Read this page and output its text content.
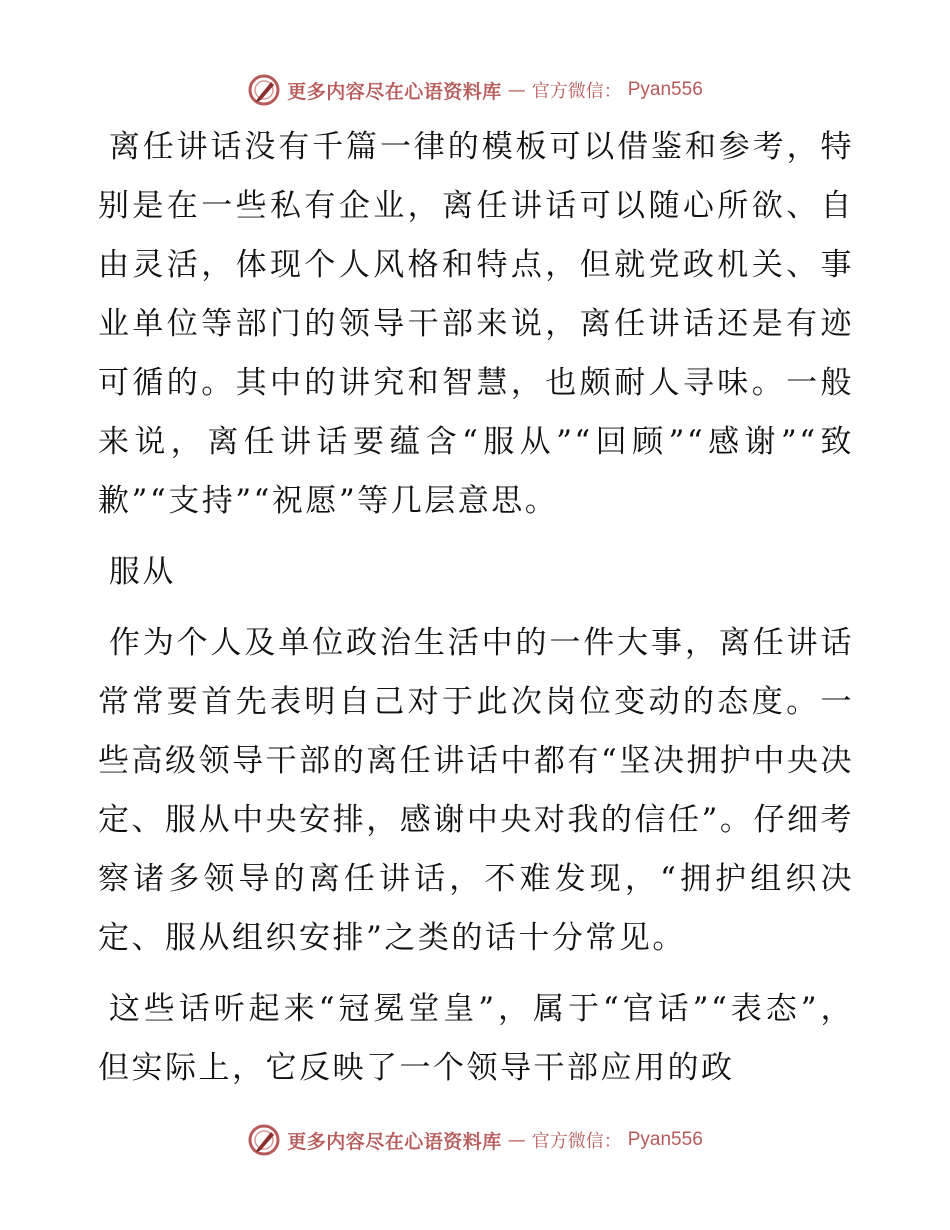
更多内容尽在心语资料库 — 官方微信： Pyan556

离任讲话没有千篇一律的模板可以借鉴和参考，特别是在一些私有企业，离任讲话可以随心所欲、自由灵活，体现个人风格和特点，但就党政机关、事业单位等部门的领导干部来说，离任讲话还是有迹可循的。其中的讲究和智慧，也颇耐人寻味。一般来说，离任讲话要蕴含“服从”“回顾”“感谢”“致歉”“支持”“祝愿”等几层意思。

服从

作为个人及单位政治生活中的一件大事，离任讲话常常要首先表明自己对于此次岗位变动的态度。一些高级领导干部的离任讲话中都有“坚决拥护中央决定、服从中央安排，感谢中央对我的信任”。仔细考察诸多领导的离任讲话，不难发现，“拥护组织决定、服从组织安排”之类的话十分常见。

这些话听起来“冠冕堂皇”，属于“官话”“表态”，但实际上，它反映了一个领导干部应用的政

更多内容尽在心语资料库 — 官方微信： Pyan556
